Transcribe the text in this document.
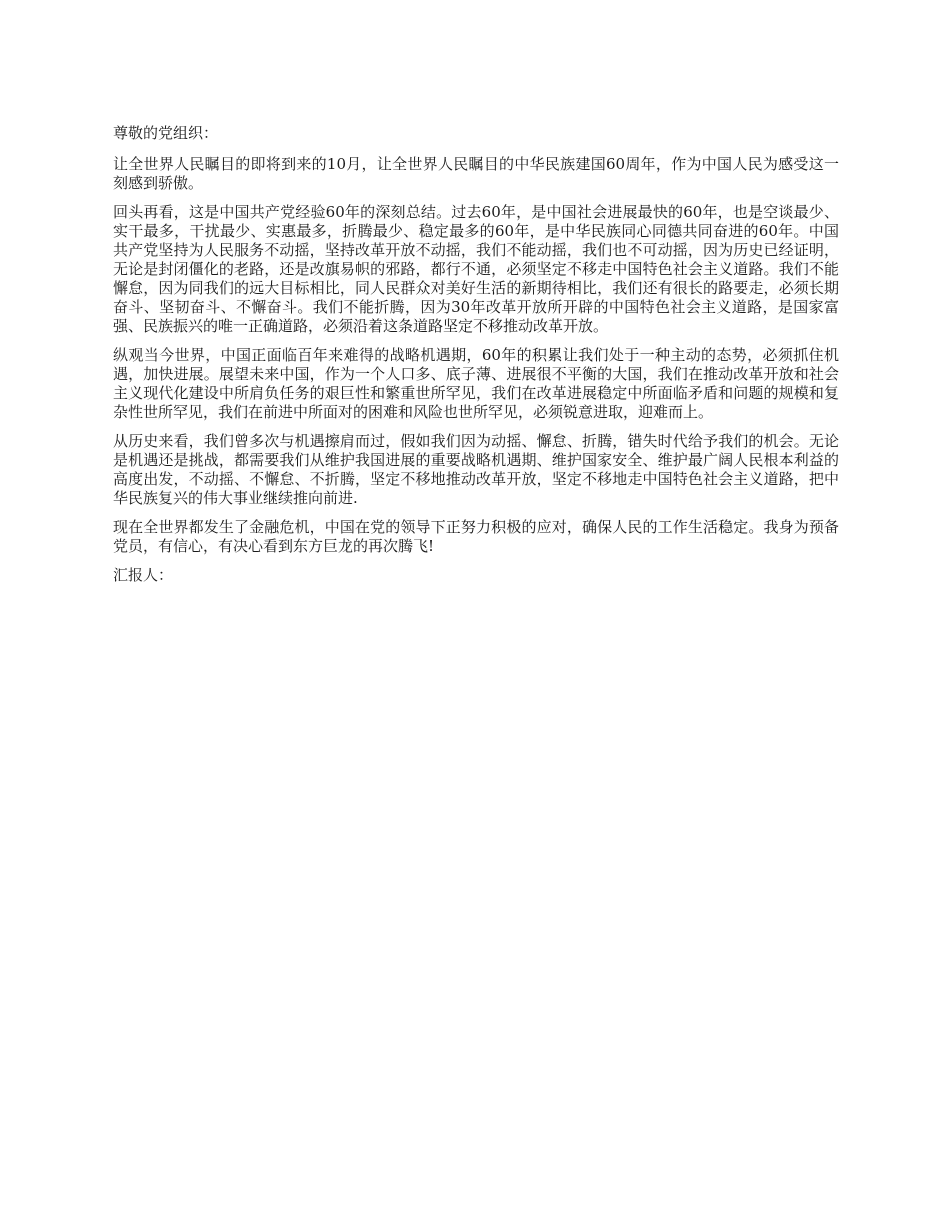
尊敬的党组织：

让全世界人民瞩目的即将到来的10月，让全世界人民瞩目的中华民族建国60周年，作为中国人民为感受这一刻感到骄傲。

回头再看，这是中国共产党经验60年的深刻总结。过去60年，是中国社会进展最快的60年，也是空谈最少、实干最多，干扰最少、实惠最多，折腾最少、稳定最多的60年，是中华民族同心同德共同奋进的60年。中国共产党坚持为人民服务不动摇，坚持改革开放不动摇，我们不能动摇，我们也不可动摇，因为历史已经证明，无论是封闭僵化的老路，还是改旗易帜的邪路，都行不通，必须坚定不移走中国特色社会主义道路。我们不能懈怠，因为同我们的远大目标相比，同人民群众对美好生活的新期待相比，我们还有很长的路要走，必须长期奋斗、坚韧奋斗、不懈奋斗。我们不能折腾，因为30年改革开放所开辟的中国特色社会主义道路，是国家富强、民族振兴的唯一正确道路，必须沿着这条道路坚定不移推动改革开放。

纵观当今世界，中国正面临百年来难得的战略机遇期，60年的积累让我们处于一种主动的态势，必须抓住机遇，加快进展。展望未来中国，作为一个人口多、底子薄、进展很不平衡的大国，我们在推动改革开放和社会主义现代化建设中所肩负任务的艰巨性和繁重世所罕见，我们在改革进展稳定中所面临矛盾和问题的规模和复杂性世所罕见，我们在前进中所面对的困难和风险也世所罕见，必须锐意进取，迎难而上。

从历史来看，我们曾多次与机遇擦肩而过，假如我们因为动摇、懈怠、折腾，错失时代给予我们的机会。无论是机遇还是挑战，都需要我们从维护我国进展的重要战略机遇期、维护国家安全、维护最广阔人民根本利益的高度出发，不动摇、不懈怠、不折腾，坚定不移地推动改革开放，坚定不移地走中国特色社会主义道路，把中华民族复兴的伟大事业继续推向前进.

现在全世界都发生了金融危机，中国在党的领导下正努力积极的应对，确保人民的工作生活稳定。我身为预备党员，有信心，有决心看到东方巨龙的再次腾飞!

汇报人：
